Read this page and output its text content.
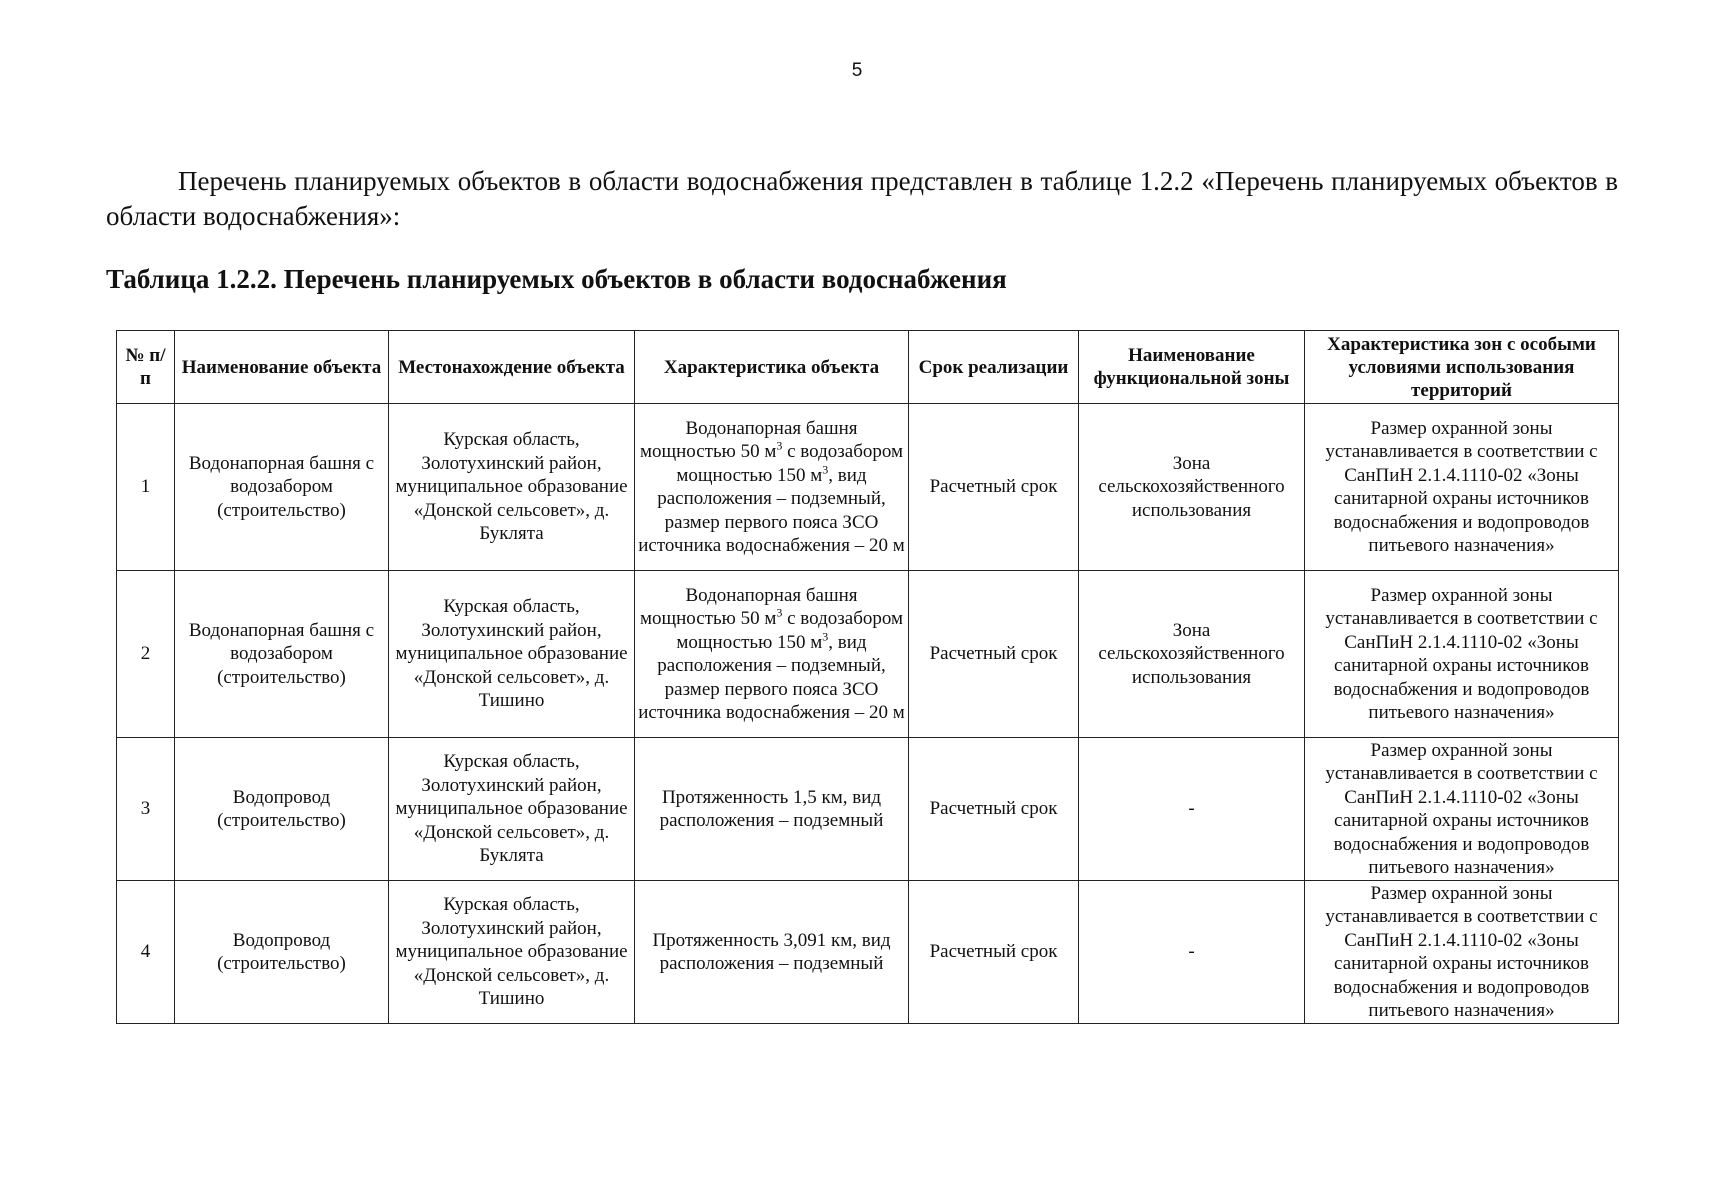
5
Перечень планируемых объектов в области водоснабжения представлен в таблице 1.2.2 «Перечень планируемых объектов в области водоснабжения»:
Таблица 1.2.2. Перечень планируемых объектов в области водоснабжения
№ п/п	Наименование объекта	Местонахождение объекта	Характеристика объекта	Срок реализации	Наименование функциональной зоны	Характеристика зон с особыми условиями использования территорий
1	Водонапорная башня с водозабором (строительство)	Курская область, Золотухинский район, муниципальное образование «Донской сельсовет», д. Буклята	Водонапорная башня мощностью 50 $м^3$ с водозабором мощностью 150 $м^3$, вид расположения – подземный, размер первого пояса ЗСО источника водоснабжения – 20 м	Расчетный срок	Зона сельскохозяйственного использования	Размер охранной зоны устанавливается в соответствии с СанПиН 2.1.4.1110-02 «Зоны санитарной охраны источников водоснабжения и водопроводов питьевого назначения»
2	Водонапорная башня с водозабором (строительство)	Курская область, Золотухинский район, муниципальное образование «Донской сельсовет», д. Тишино	Водонапорная башня мощностью 50 $м^3$ с водозабором мощностью 150 $м^3$, вид расположения – подземный, размер первого пояса ЗСО источника водоснабжения – 20 м	Расчетный срок	Зона сельскохозяйственного использования	Размер охранной зоны устанавливается в соответствии с СанПиН 2.1.4.1110-02 «Зоны санитарной охраны источников водоснабжения и водопроводов питьевого назначения»
3	Водопровод (строительство)	Курская область, Золотухинский район, муниципальное образование «Донской сельсовет», д. Буклята	Протяженность 1,5 км, вид расположения – подземный	Расчетный срок	-	Размер охранной зоны устанавливается в соответствии с СанПиН 2.1.4.1110-02 «Зоны санитарной охраны источников водоснабжения и водопроводов питьевого назначения»
4	Водопровод (строительство)	Курская область, Золотухинский район, муниципальное образование «Донской сельсовет», д. Тишино	Протяженность 3,091 км, вид расположения – подземный	Расчетный срок	-	Размер охранной зоны устанавливается в соответствии с СанПиН 2.1.4.1110-02 «Зоны санитарной охраны источников водоснабжения и водопроводов питьевого назначения»
